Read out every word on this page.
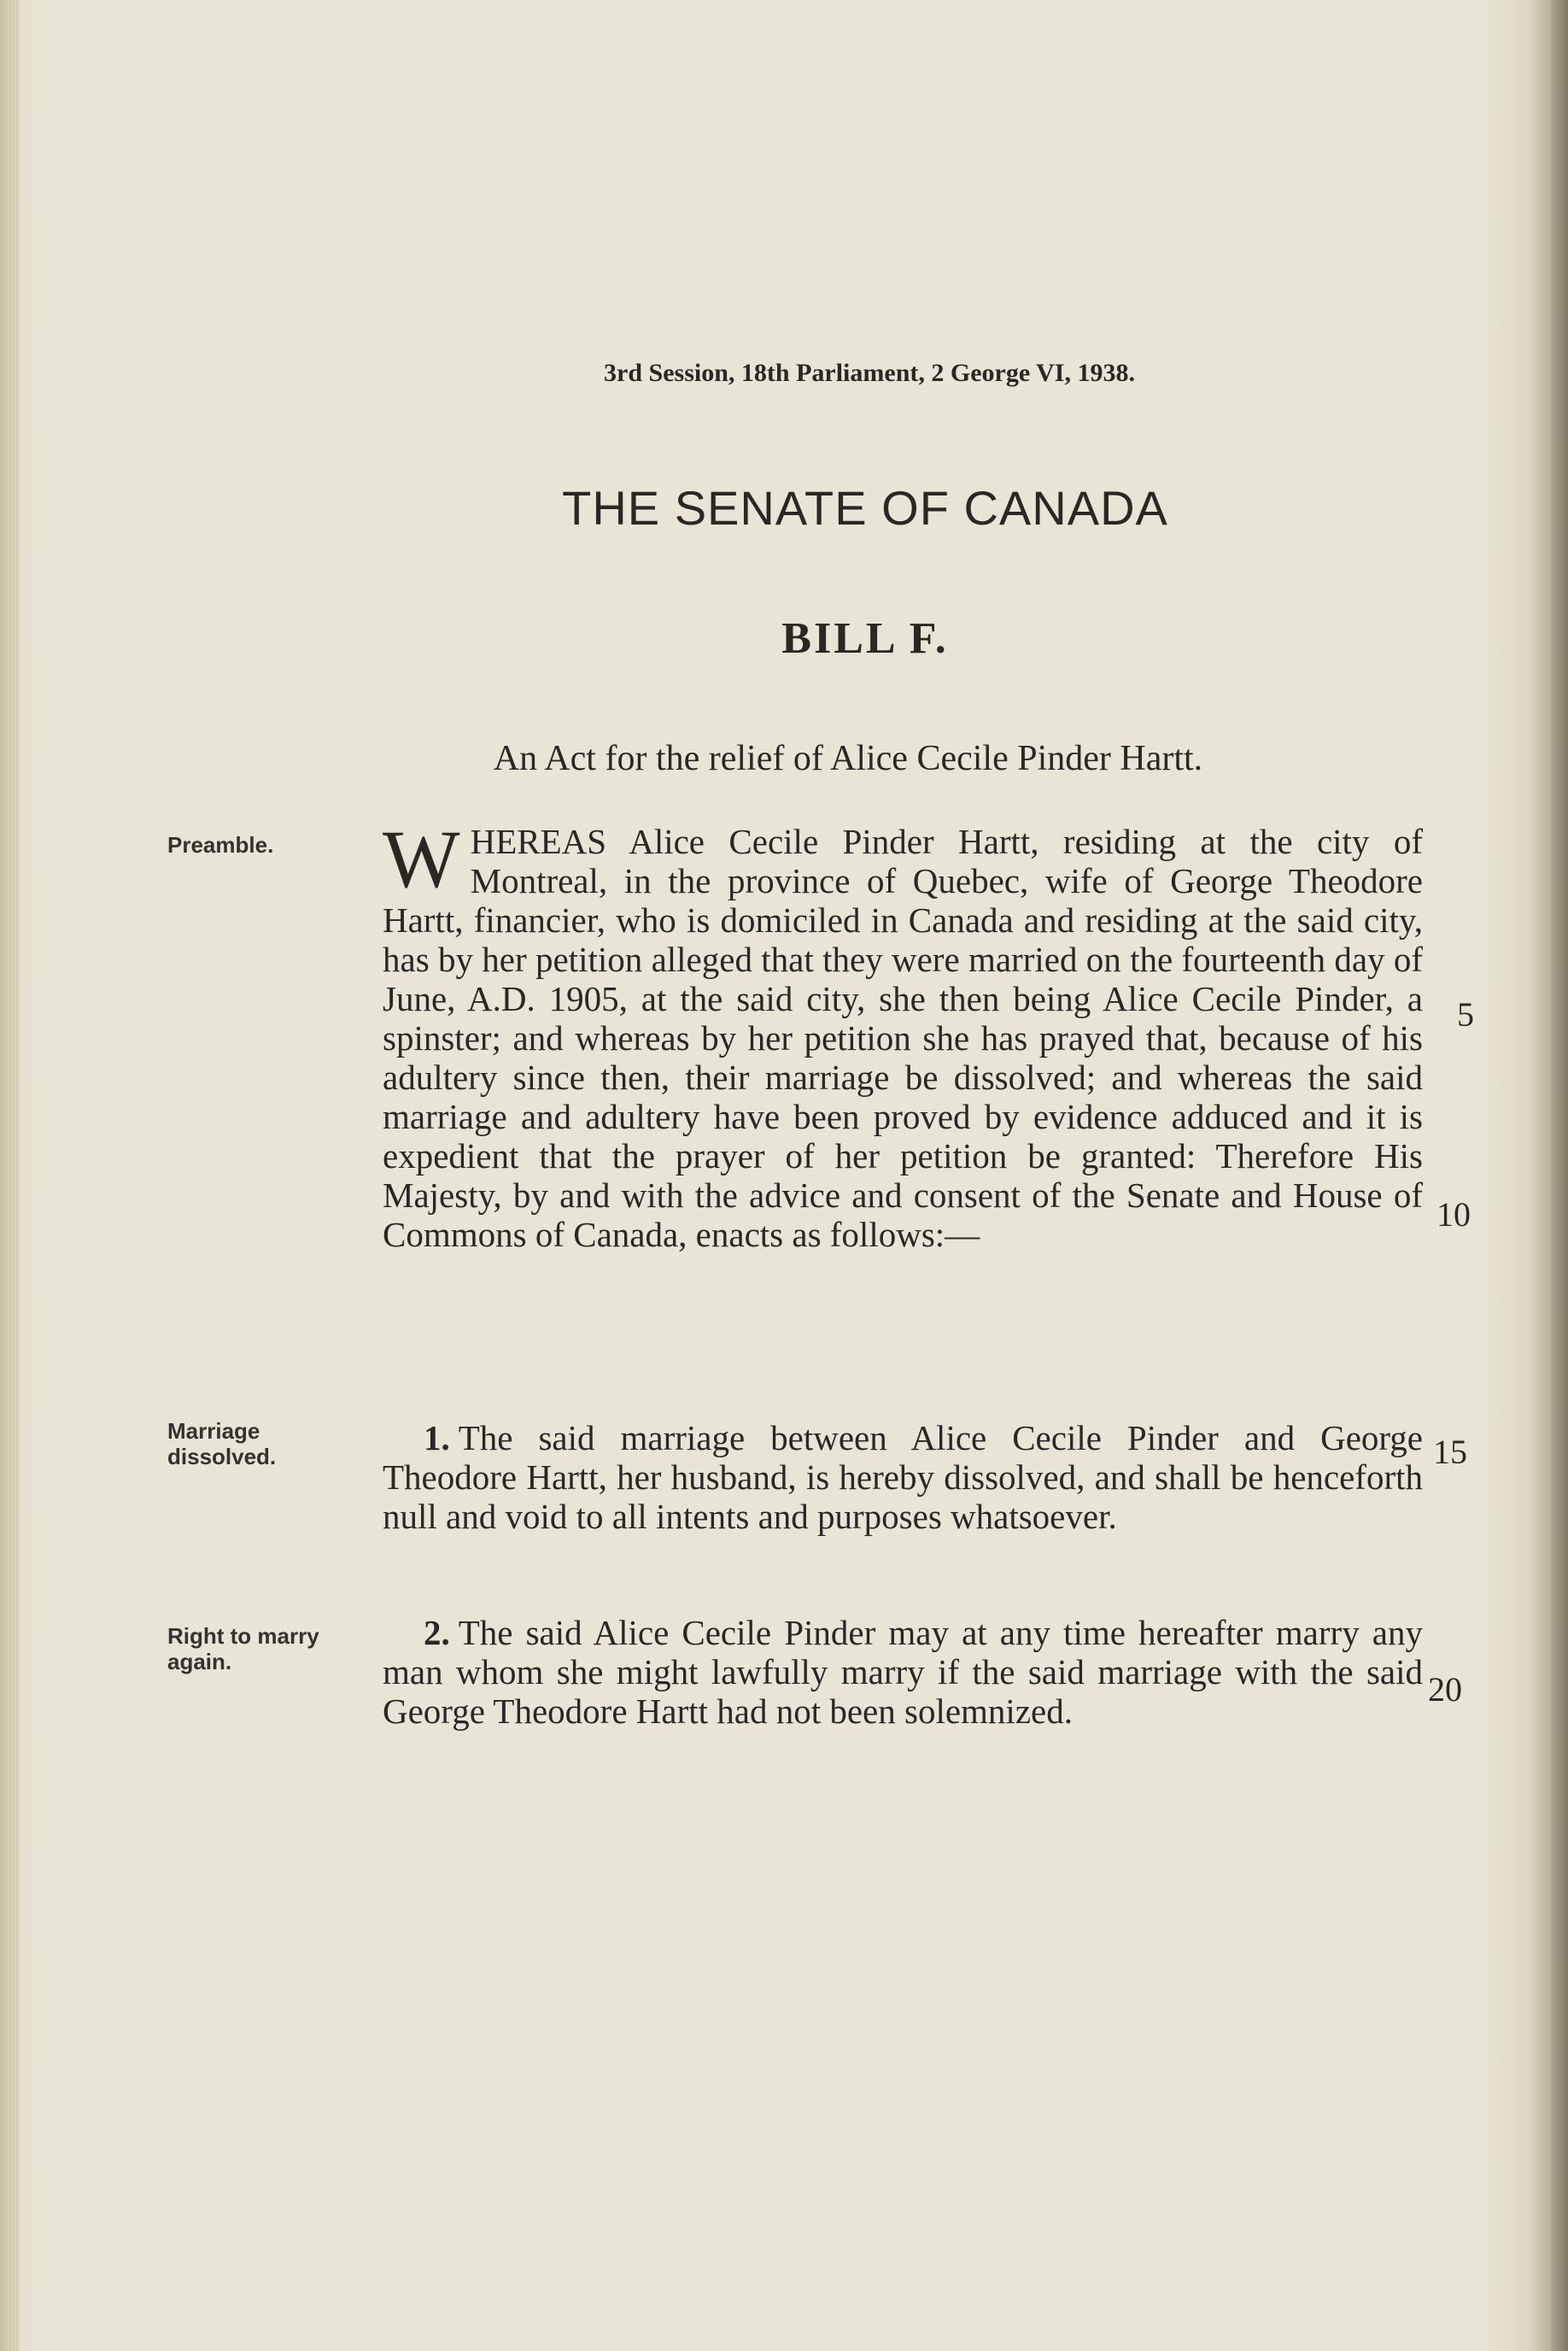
3rd Session, 18th Parliament, 2 George VI, 1938.
THE SENATE OF CANADA
BILL F.
An Act for the relief of Alice Cecile Pinder Hartt.
Preamble.	WHEREAS Alice Cecile Pinder Hartt, residing at the city of Montreal, in the province of Quebec, wife of George Theodore Hartt, financier, who is domiciled in Canada and residing at the said city, has by her petition alleged that they were married on the fourteenth day of June, A.D. 1905, at the said city, she then being Alice Cecile Pinder, a spinster; and whereas by her petition she has prayed that, because of his adultery since then, their marriage be dissolved; and whereas the said marriage and adultery have been proved by evidence adduced and it is expedient that the prayer of her petition be granted: Therefore His Majesty, by and with the advice and consent of the Senate and House of Commons of Canada, enacts as follows:—
Marriage dissolved.	1. The said marriage between Alice Cecile Pinder and George Theodore Hartt, her husband, is hereby dissolved, and shall be henceforth null and void to all intents and purposes whatsoever.
Right to marry again.
2. The said Alice Cecile Pinder may at any time hereafter marry any man whom she might lawfully marry if the said marriage with the said George Theodore Hartt had not been solemnized.
5
10
15
20
